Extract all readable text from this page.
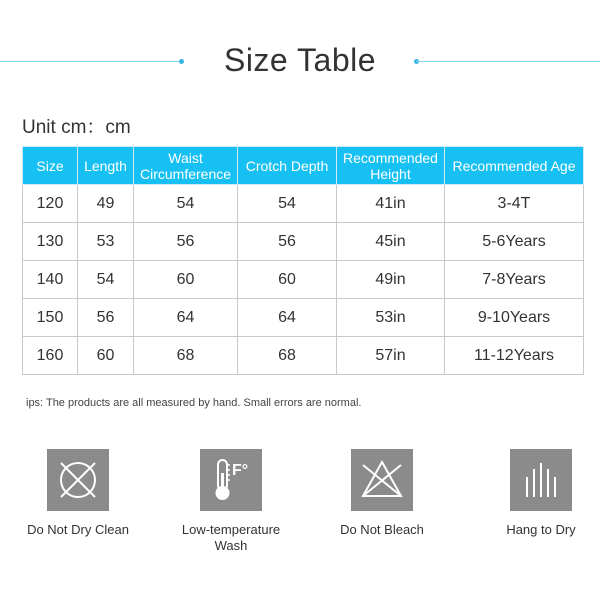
Size Table
Unit cm：cm
Size	Length	Waist Circumference	Crotch Depth	Recommended Height	Recommended Age
120	49	54	54	41in	3-4T
130	53	56	56	45in	5-6Years
140	54	60	60	49in	7-8Years
150	56	64	64	53in	9-10Years
160	60	68	68	57in	11-12Years
ips: The products are all measured by hand. Small errors are normal.
Do Not Dry Clean
F°
Low-temperature Wash
Do Not Bleach	Hang to Dry
